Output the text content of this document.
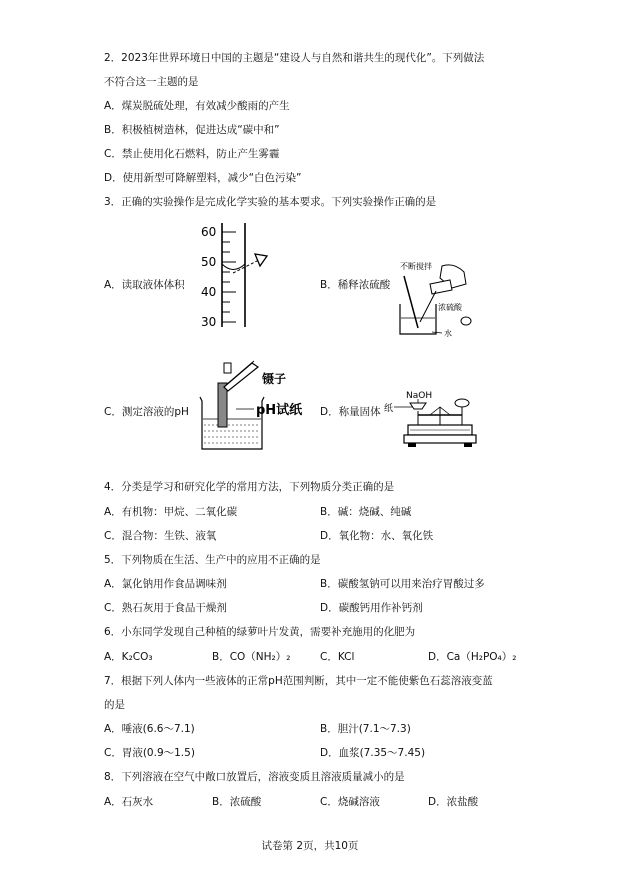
2．2023年世界环境日中国的主题是“建设人与自然和谐共生的现代化”。下列做法
不符合这一主题的是
A．煤炭脱硫处理，有效减少酸雨的产生
B．积极植树造林，促进达成“碳中和”
C．禁止使用化石燃料，防止产生雾霾
D．使用新型可降解塑料，减少“白色污染”
3．正确的实验操作是完成化学实验的基本要求。下列实验操作正确的是
A．读取液体体积
60
50
40
30
B．稀释浓硫酸
不断搅拌
浓硫酸
水
C．测定溶液的pH
镊子
pH试纸 D．称量固体
NaOH
纸
4．分类是学习和研究化学的常用方法，下列物质分类正确的是
A．有机物：甲烷、二氧化碳	B．碱：烧碱、纯碱
C．混合物：生铁、液氧	D．氧化物：水、氧化铁
5．下列物质在生活、生产中的应用不正确的是
A．氯化钠用作食品调味剂	B．碳酸氢钠可以用来治疗胃酸过多
C．熟石灰用于食品干燥剂	D．碳酸钙用作补钙剂
6．小东同学发现自己种植的绿萝叶片发黄，需要补充施用的化肥为
A．K₂CO₃	B．CO（NH₂）₂	C．KCl	D．Ca（H₂PO₄）₂
7．根据下列人体内一些液体的正常pH范围判断，其中一定不能使紫色石蕊溶液变蓝
的是
A．唾液(6.6～7.1)	B．胆汁(7.1～7.3)
C．胃液(0.9～1.5)	D．血浆(7.35～7.45)
8．下列溶液在空气中敞口放置后，溶液变质且溶液质量减小的是
A．石灰水	B．浓硫酸	C．烧碱溶液	D．浓盐酸
试卷第 2页，共10页
